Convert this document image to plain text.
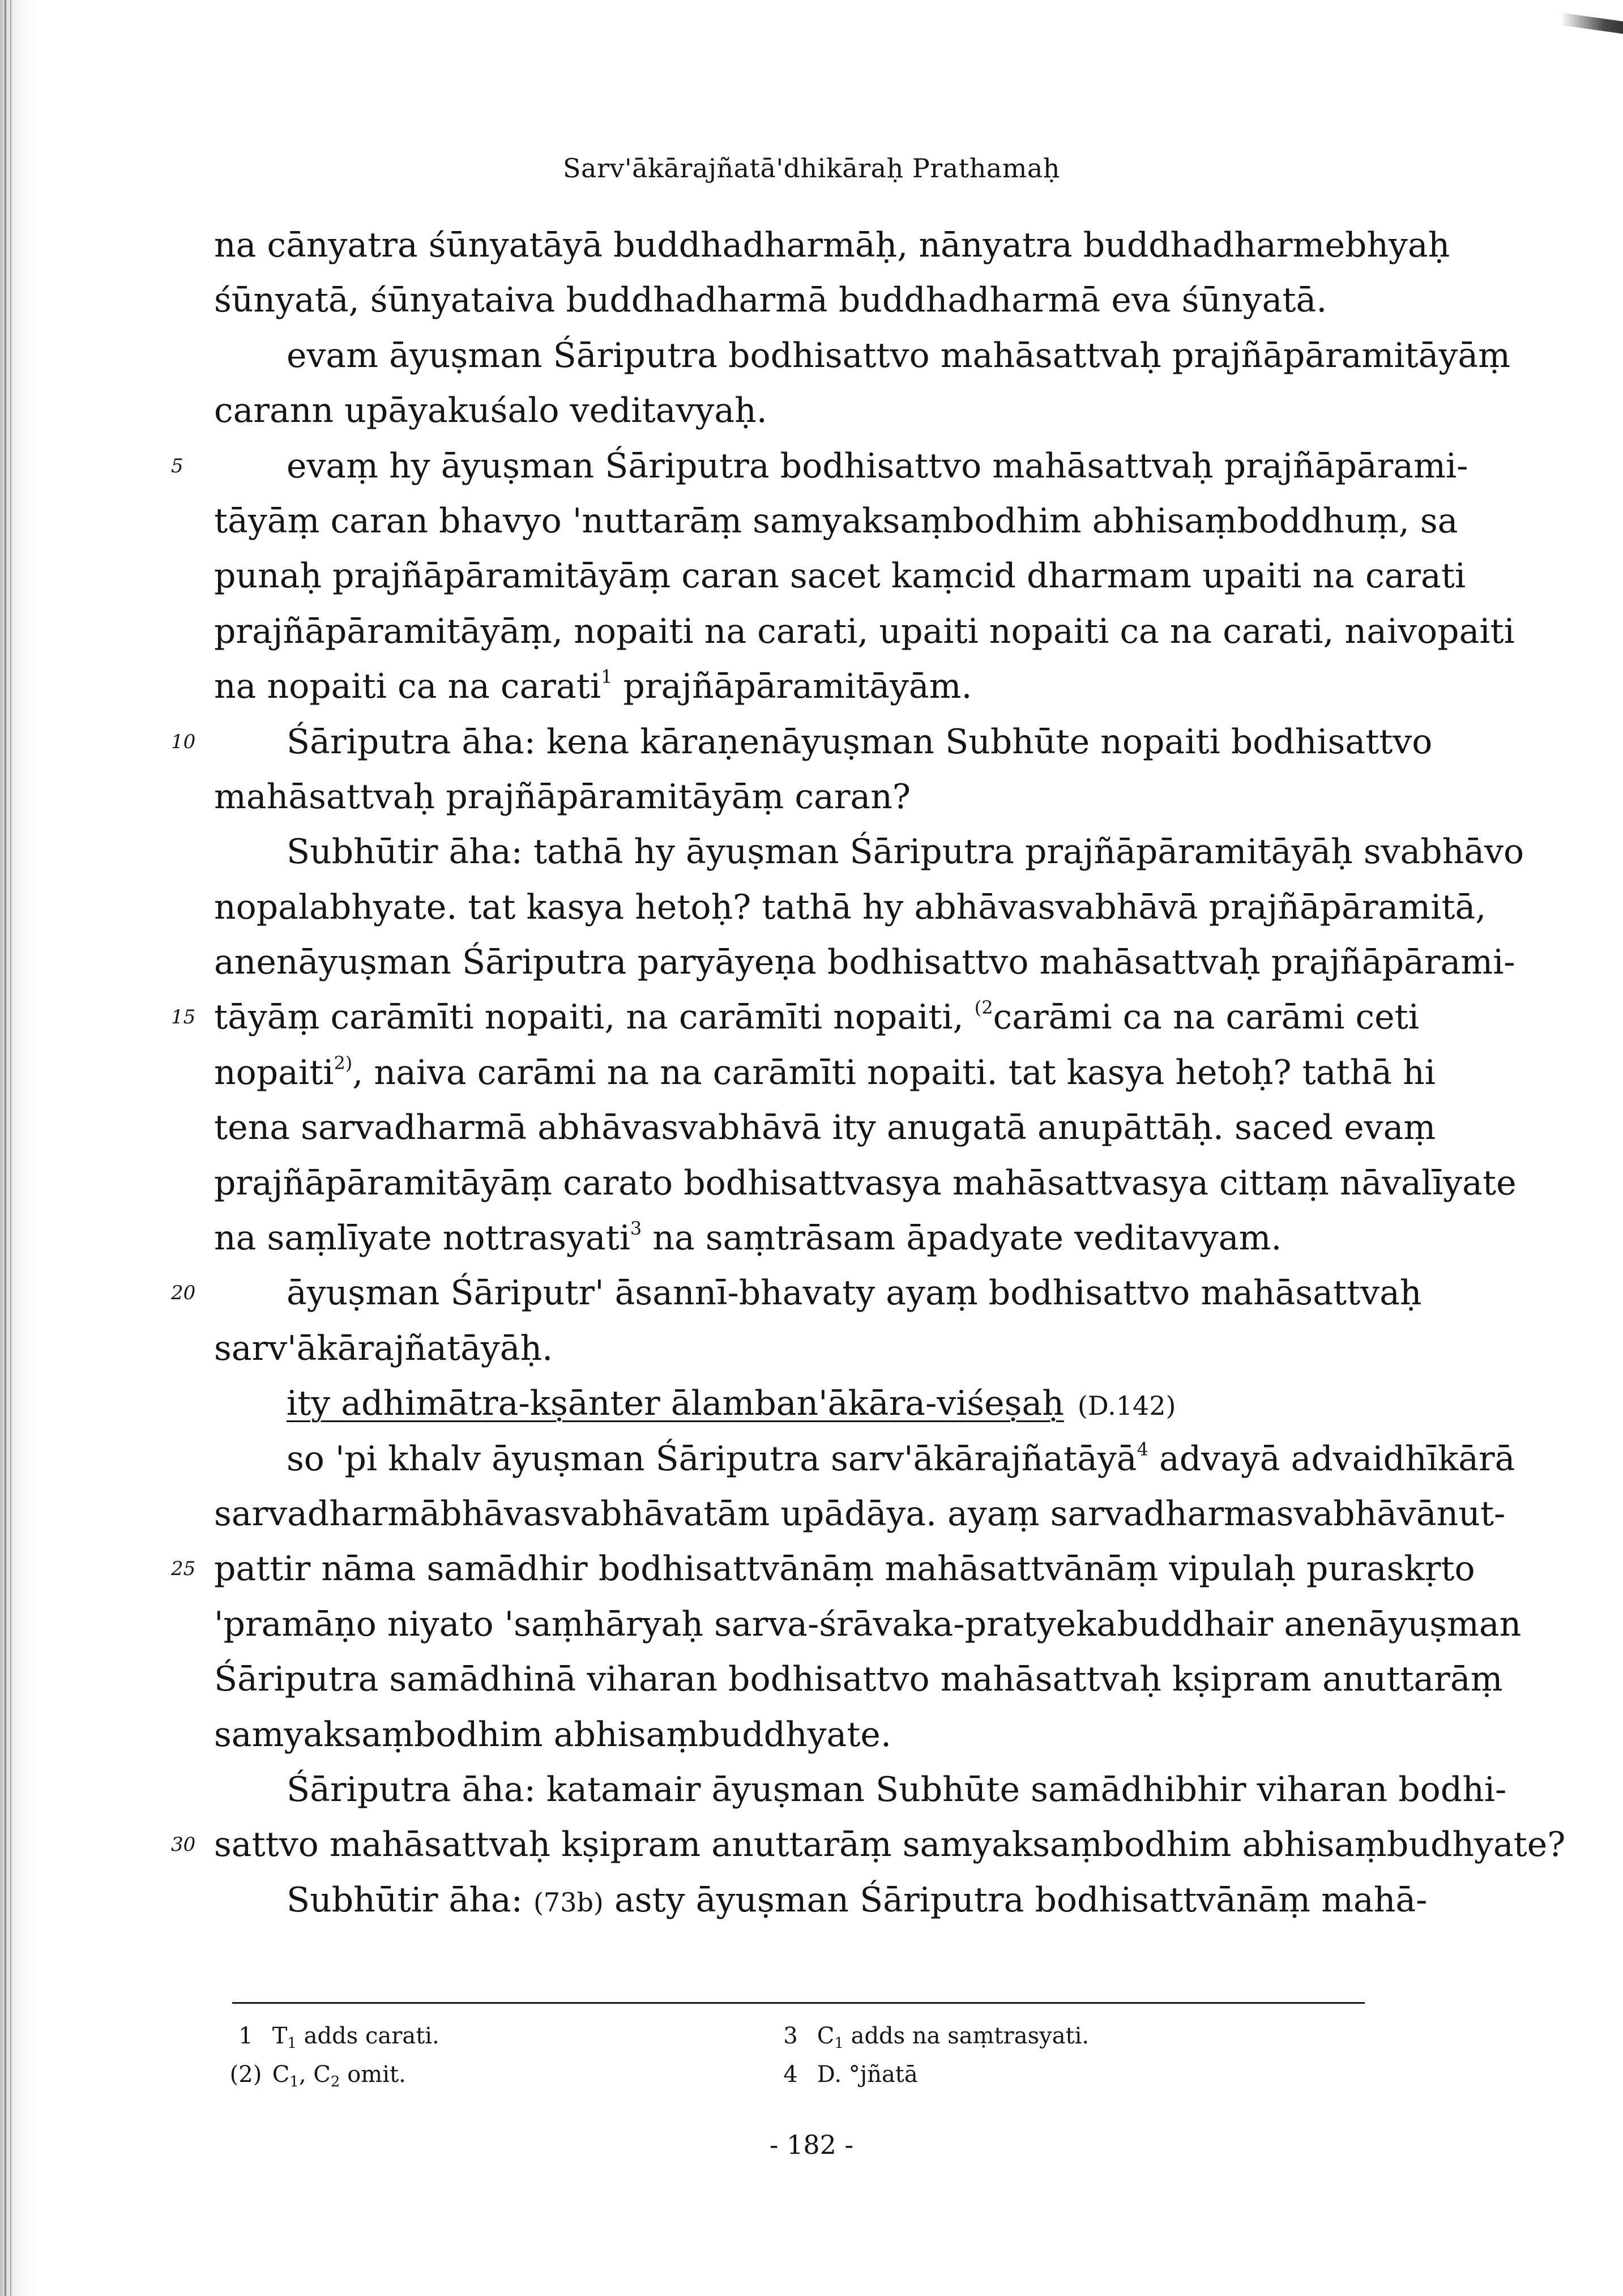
Sarv'ākārajñatā'dhikāraḥ Prathamaḥ
na cānyatra śūnyatāyā buddhadharmāḥ, nānyatra buddhadharmebhyaḥ
śūnyatā, śūnyataiva buddhadharmā buddhadharmā eva śūnyatā.
evam āyuṣman Śāriputra bodhisattvo mahāsattvaḥ prajñāpāramitāyāṃ
carann upāyakuśalo veditavyaḥ.
5	evaṃ hy āyuṣman Śāriputra bodhisattvo mahāsattvaḥ prajñāpārami-
tāyāṃ caran bhavyo 'nuttarāṃ samyaksaṃbodhim abhisaṃboddhuṃ, sa
punaḥ prajñāpāramitāyāṃ caran sacet kaṃcid dharmam upaiti na carati
prajñāpāramitāyāṃ, nopaiti na carati, upaiti nopaiti ca na carati, naivopaiti
na nopaiti ca na carati$^1$ prajñāpāramitāyām.
10	Śāriputra āha: kena kāraṇenāyuṣman Subhūte nopaiti bodhisattvo
mahāsattvaḥ prajñāpāramitāyāṃ caran?
Subhūtir āha: tathā hy āyuṣman Śāriputra prajñāpāramitāyāḥ svabhāvo
nopalabhyate. tat kasya hetoḥ? tathā hy abhāvasvabhāvā prajñāpāramitā,
anenāyuṣman Śāriputra paryāyeṇa bodhisattvo mahāsattvaḥ prajñāpārami-
15 tāyāṃ carāmīti nopaiti, na carāmīti nopaiti, $^{(2}$carāmi ca na carāmi ceti
nopaiti$^{2)}$, naiva carāmi na na carāmīti nopaiti. tat kasya hetoḥ? tathā hi
tena sarvadharmā abhāvasvabhāvā ity anugatā anupāttāḥ. saced evaṃ
prajñāpāramitāyāṃ carato bodhisattvasya mahāsattvasya cittaṃ nāvalīyate
na saṃlīyate nottrasyati$^3$ na saṃtrāsam āpadyate veditavyam.
20	āyuṣman Śāriputr' āsannī-bhavaty ayaṃ bodhisattvo mahāsattvaḥ
sarv'ākārajñatāyāḥ.
ity adhimātra-kṣānter ālamban'ākāra-viśeṣaḥ (D.142)
so 'pi khalv āyuṣman Śāriputra sarv'ākārajñatāyā$^4$ advayā advaidhīkārā
sarvadharmābhāvasvabhāvatām upādāya. ayaṃ sarvadharmasvabhāvānut-
25 pattir nāma samādhir bodhisattvānāṃ mahāsattvānāṃ vipulaḥ puraskṛto
'pramāṇo niyato 'saṃhāryaḥ sarva-śrāvaka-pratyekabuddhair anenāyuṣman
Śāriputra samādhinā viharan bodhisattvo mahāsattvaḥ kṣipram anuttarāṃ
samyaksaṃbodhim abhisaṃbuddhyate.
Śāriputra āha: katamair āyuṣman Subhūte samādhibhir viharan bodhi-
30 sattvo mahāsattvaḥ kṣipram anuttarāṃ samyaksaṃbodhim abhisaṃbudhyate?
Subhūtir āha: (73b) asty āyuṣman Śāriputra bodhisattvānāṃ mahā-
1 $T_1$ adds carati.
(2) $C_1$, $C_2$ omit.
3 $C_1$ adds na saṃtrasyati.
4 D. °jñatā
- 182 -
